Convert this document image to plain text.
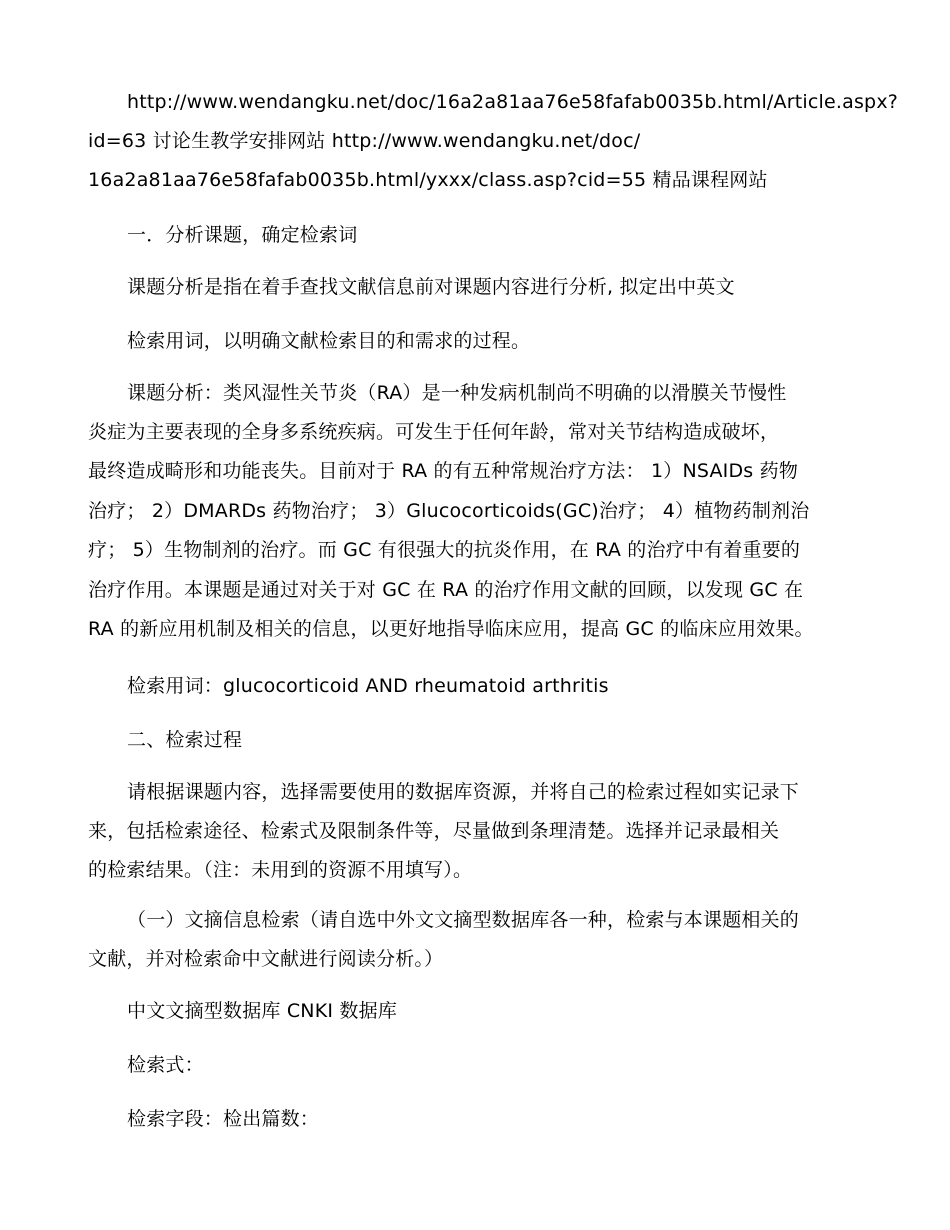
http://www.wendangku.net/doc/16a2a81aa76e58fafab0035b.html/Article.aspx?
id=63 讨论生教学安排网站 http://www.wendangku.net/doc/
16a2a81aa76e58fafab0035b.html/yxxx/class.asp?cid=55 精品课程网站
一．分析课题，确定检索词
课题分析是指在着手查找文献信息前对课题内容进行分析, 拟定出中英文
检索用词，以明确文献检索目的和需求的过程。
课题分析：类风湿性关节炎（RA）是一种发病机制尚不明确的以滑膜关节慢性
炎症为主要表现的全身多系统疾病。可发生于任何年龄，常对关节结构造成破坏，
最终造成畸形和功能丧失。目前对于 RA 的有五种常规治疗方法： 1）NSAIDs 药物
治疗； 2）DMARDs 药物治疗； 3）Glucocorticoids(GC)治疗； 4）植物药制剂治
疗； 5）生物制剂的治疗。而 GC 有很强大的抗炎作用，在 RA 的治疗中有着重要的
治疗作用。本课题是通过对关于对 GC 在 RA 的治疗作用文献的回顾，以发现 GC 在
RA 的新应用机制及相关的信息，以更好地指导临床应用，提高 GC 的临床应用效果。
检索用词：glucocorticoid AND rheumatoid arthritis
二、检索过程
请根据课题内容，选择需要使用的数据库资源，并将自己的检索过程如实记录下
来，包括检索途径、检索式及限制条件等，尽量做到条理清楚。选择并记录最相关
的检索结果。（注：未用到的资源不用填写）。
（一）文摘信息检索（请自选中外文文摘型数据库各一种，检索与本课题相关的
文献，并对检索命中文献进行阅读分析。）
中文文摘型数据库 CNKI 数据库
检索式：
检索字段：检出篇数：
